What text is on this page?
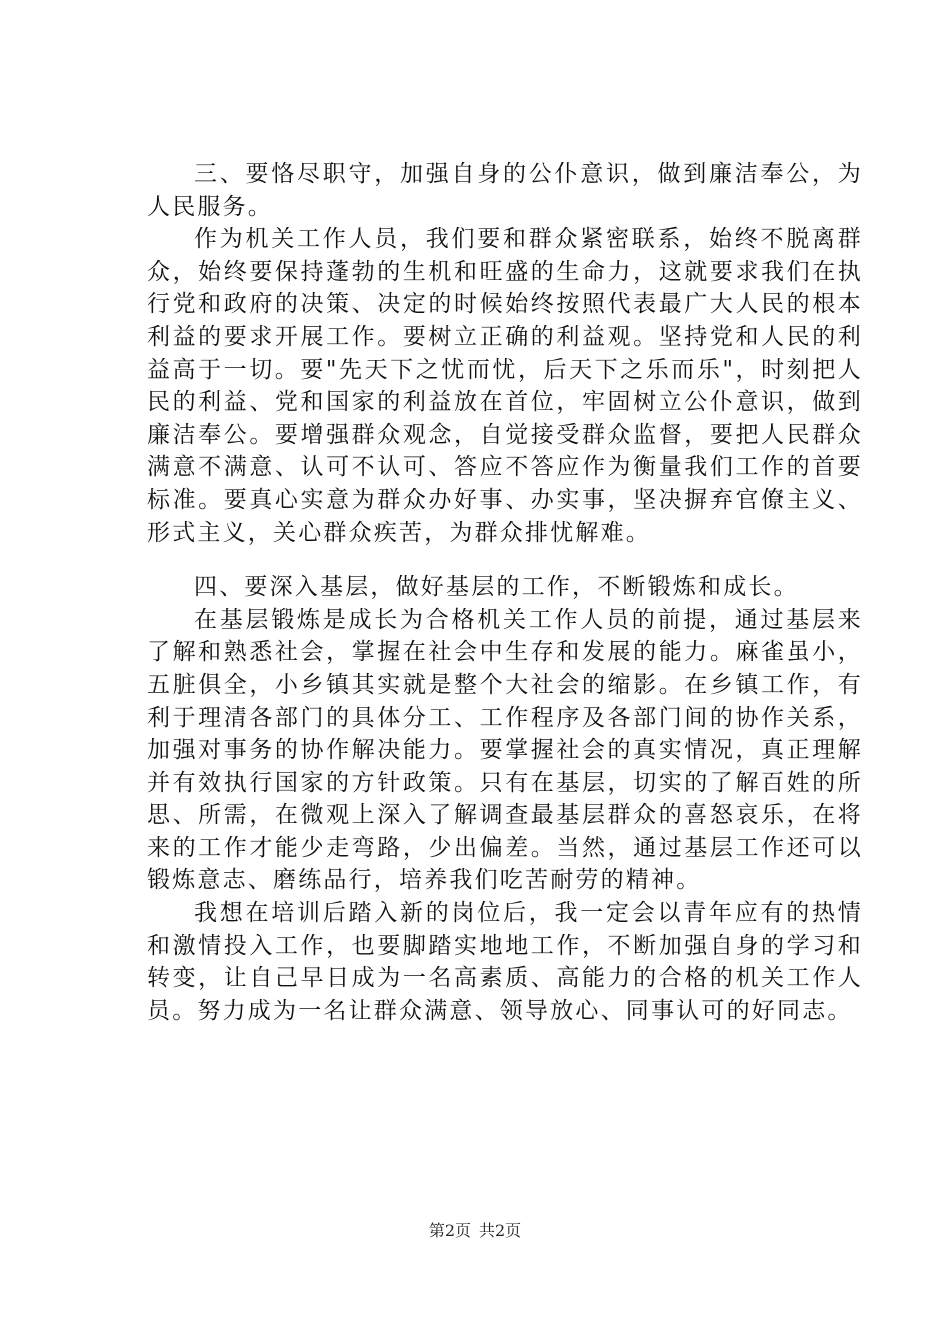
三、要恪尽职守，加强自身的公仆意识，做到廉洁奉公，为人民服务。

作为机关工作人员，我们要和群众紧密联系，始终不脱离群众，始终要保持蓬勃的生机和旺盛的生命力，这就要求我们在执行党和政府的决策、决定的时候始终按照代表最广大人民的根本利益的要求开展工作。要树立正确的利益观。坚持党和人民的利益高于一切。要"先天下之忧而忧，后天下之乐而乐"，时刻把人民的利益、党和国家的利益放在首位，牢固树立公仆意识，做到廉洁奉公。要增强群众观念，自觉接受群众监督，要把人民群众满意不满意、认可不认可、答应不答应作为衡量我们工作的首要标准。要真心实意为群众办好事、办实事，坚决摒弃官僚主义、形式主义，关心群众疾苦，为群众排忧解难。

四、要深入基层，做好基层的工作，不断锻炼和成长。

在基层锻炼是成长为合格机关工作人员的前提，通过基层来了解和熟悉社会，掌握在社会中生存和发展的能力。麻雀虽小，五脏俱全，小乡镇其实就是整个大社会的缩影。在乡镇工作，有利于理清各部门的具体分工、工作程序及各部门间的协作关系，加强对事务的协作解决能力。要掌握社会的真实情况，真正理解并有效执行国家的方针政策。只有在基层，切实的了解百姓的所思、所需，在微观上深入了解调查最基层群众的喜怒哀乐，在将来的工作才能少走弯路，少出偏差。当然，通过基层工作还可以锻炼意志、磨练品行，培养我们吃苦耐劳的精神。

我想在培训后踏入新的岗位后，我一定会以青年应有的热情和激情投入工作，也要脚踏实地地工作，不断加强自身的学习和转变，让自己早日成为一名高素质、高能力的合格的机关工作人员。努力成为一名让群众满意、领导放心、同事认可的好同志。

第2页 共2页
